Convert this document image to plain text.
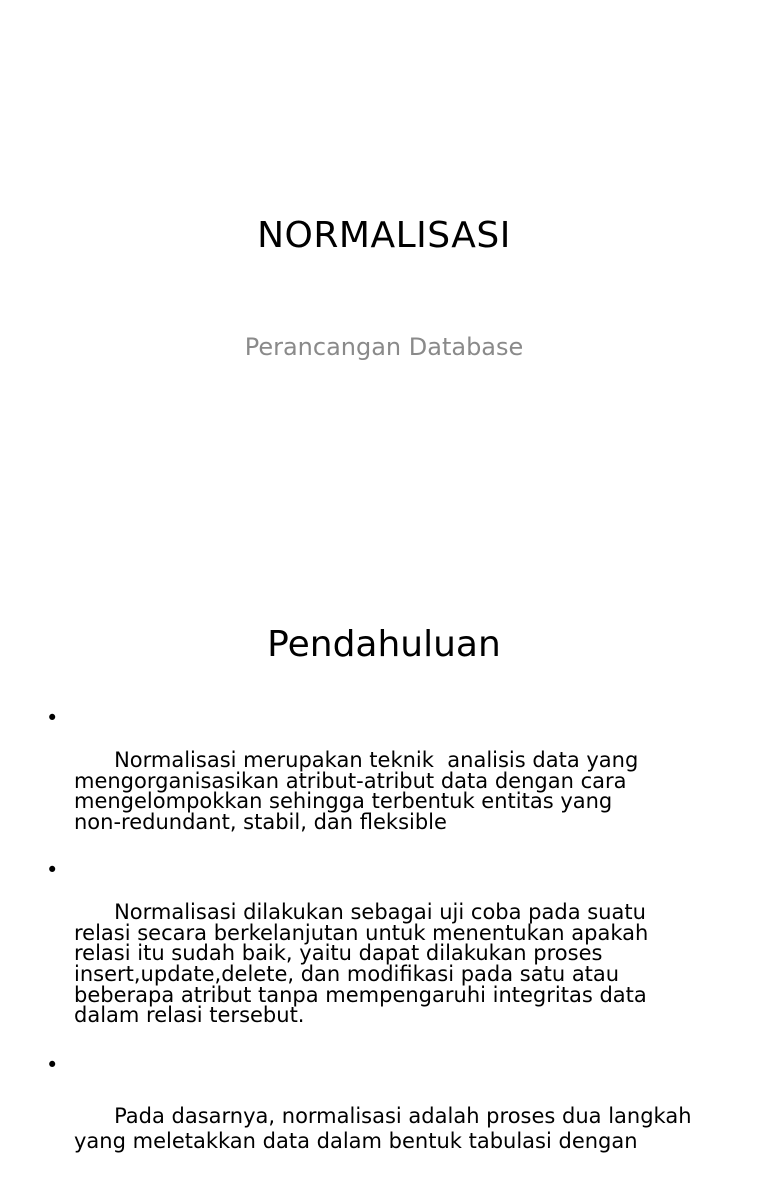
NORMALISASI
Perancangan Database
Pendahuluan

•

Normalisasi merupakan teknik  analisis data yang
mengorganisasikan atribut-atribut data dengan cara
mengelompokkan sehingga terbentuk entitas yang
non-redundant, stabil, dan fleksible

•

Normalisasi dilakukan sebagai uji coba pada suatu
relasi secara berkelanjutan untuk menentukan apakah
relasi itu sudah baik, yaitu dapat dilakukan proses
insert,update,delete, dan modifikasi pada satu atau
beberapa atribut tanpa mempengaruhi integritas data
dalam relasi tersebut.

•

Pada dasarnya, normalisasi adalah proses dua langkah
yang meletakkan data dalam bentuk tabulasi dengan
